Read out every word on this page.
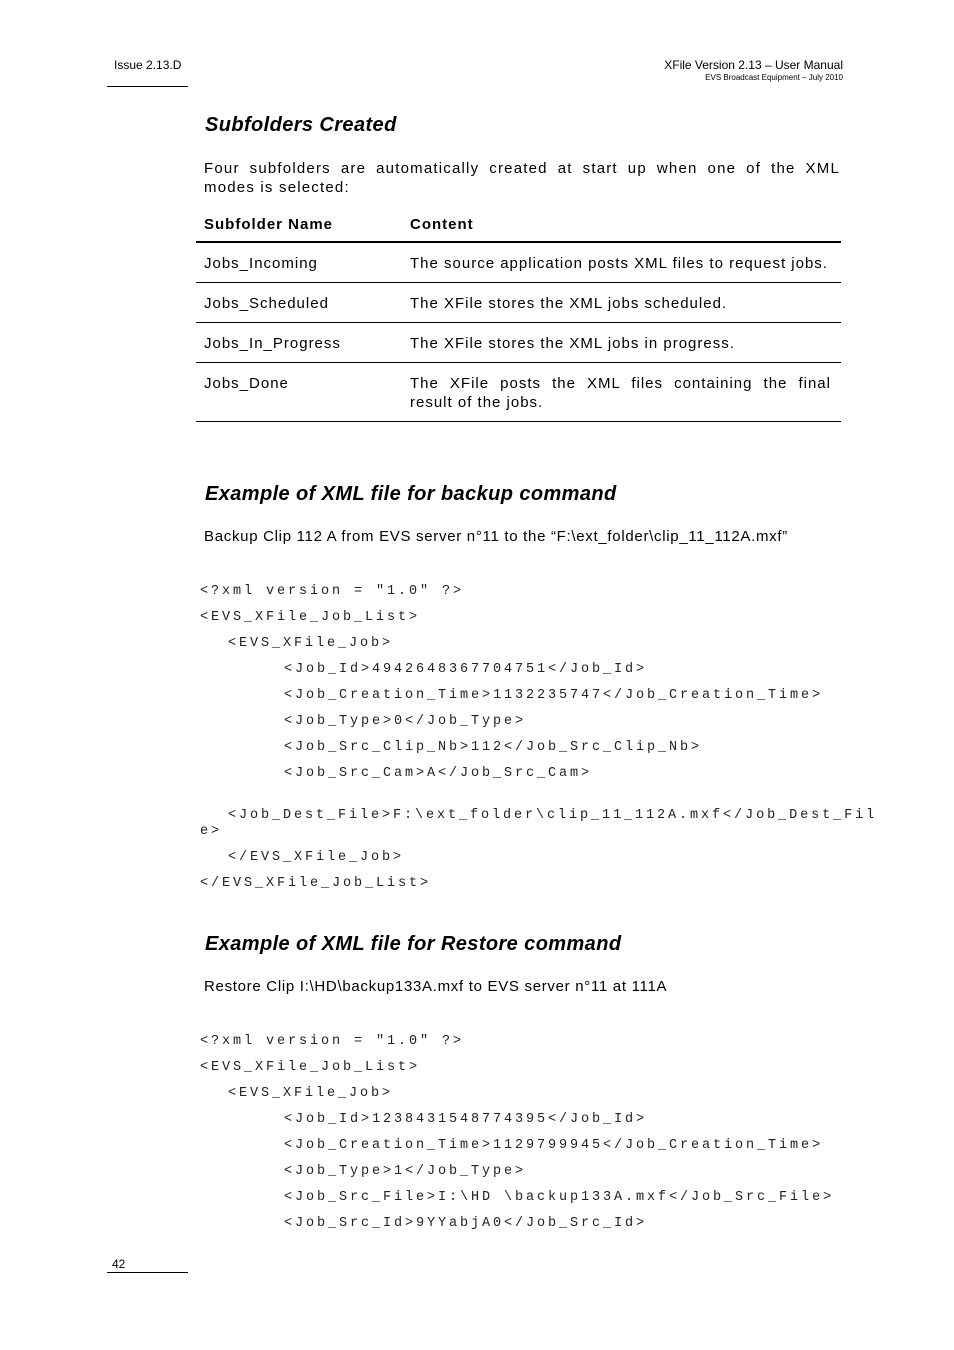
Issue 2.13.D	XFile Version 2.13 – User Manual
EVS Broadcast Equipment – July 2010
Subfolders Created
Four subfolders are automatically created at start up when one of the XML modes is selected:
Subfolder Name	Content
Jobs_Incoming	The source application posts XML files to request jobs.
Jobs_Scheduled	The XFile stores the XML jobs scheduled.
Jobs_In_Progress	The XFile stores the XML jobs in progress.
Jobs_Done	The XFile posts the XML files containing the final result of the jobs.
Example of XML file for backup command
Backup Clip 112 A from EVS server n°11 to the “F:\ext_folder\clip_11_112A.mxf”
<?xml version = "1.0" ?>
<EVS_XFile_Job_List>
<EVS_XFile_Job>
<Job_Id>4942648367704751</Job_Id>
<Job_Creation_Time>1132235747</Job_Creation_Time>
<Job_Type>0</Job_Type>
<Job_Src_Clip_Nb>112</Job_Src_Clip_Nb>
<Job_Src_Cam>A</Job_Src_Cam>
<Job_Dest_File>F:\ext_folder\clip_11_112A.mxf</Job_Dest_Fil
e>
</EVS_XFile_Job>
</EVS_XFile_Job_List>
Example of XML file for Restore command
Restore Clip I:\HD\backup133A.mxf to EVS server n°11 at 111A
<?xml version = "1.0" ?>
<EVS_XFile_Job_List>
<EVS_XFile_Job>
<Job_Id>1238431548774395</Job_Id>
<Job_Creation_Time>1129799945</Job_Creation_Time>
<Job_Type>1</Job_Type>
<Job_Src_File>I:\HD \backup133A.mxf</Job_Src_File>
<Job_Src_Id>9YYabjA0</Job_Src_Id>
42
